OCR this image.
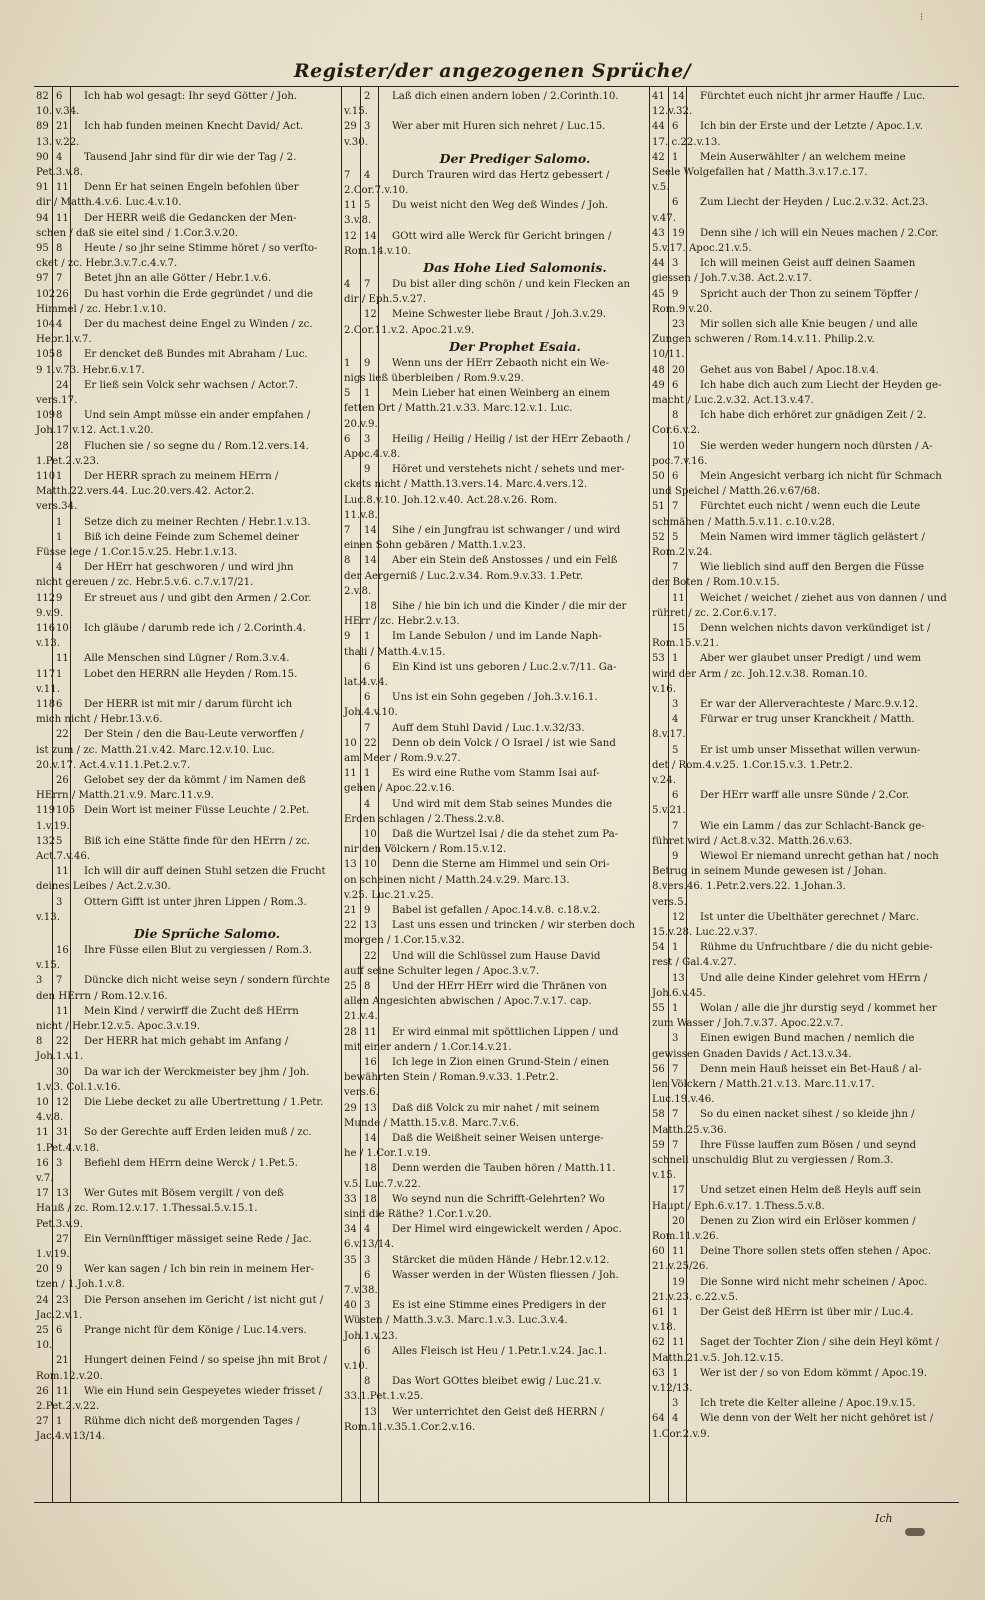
⁝
Register/der angezogenen Sprüche/
82 6 Ich hab wol gesagt: Ihr seyd Götter / Joh.
10. v.34.
89 21 Ich hab funden meinen Knecht David/ Act.
13. v.22.
90 4 Tausend Jahr sind für dir wie der Tag / 2.
Pet.3.v.8.
91 11 Denn Er hat seinen Engeln befohlen über
dir / Matth.4.v.6. Luc.4.v.10.
94 11 Der HERR weiß die Gedancken der Men-
schen / daß sie eitel sind / 1.Cor.3.v.20.
95 8 Heute / so jhr seine Stimme höret / so verſto-
cket / zc. Hebr.3.v.7.c.4.v.7.
97 7 Betet jhn an alle Götter / Hebr.1.v.6.
102 26 Du hast vorhin die Erde gegründet / und die
Himmel / zc. Hebr.1.v.10.
104 4 Der du machest deine Engel zu Winden / zc.
Hebr.1.v.7.
105 8 Er dencket deß Bundes mit Abraham / Luc.
9 1.v.73. Hebr.6.v.17.
24 Er ließ sein Volck sehr wachsen / Actor.7.
vers.17.
109 8 Und sein Ampt müsse ein ander empfahen /
Joh.17.v.12. Act.1.v.20.
28 Fluchen sie / so segne du / Rom.12.vers.14.
1.Pet.2.v.23.
110 1 Der HERR sprach zu meinem HErrn /
Matth.22.vers.44. Luc.20.vers.42. Actor.2.
vers.34.
1 Setze dich zu meiner Rechten / Hebr.1.v.13.
1 Biß ich deine Feinde zum Schemel deiner
Füsse lege / 1.Cor.15.v.25. Hebr.1.v.13.
4 Der HErr hat geschworen / und wird jhn
nicht gereuen / zc. Hebr.5.v.6. c.7.v.17/21.
112 9 Er streuet aus / und gibt den Armen / 2.Cor.
9.v.9.
116 10 Ich gläube / darumb rede ich / 2.Corinth.4.
v.13.
11 Alle Menschen sind Lügner / Rom.3.v.4.
117 1 Lobet den HERRN alle Heyden / Rom.15.
v.11.
118 6 Der HERR ist mit mir / darum fürcht ich
mich nicht / Hebr.13.v.6.
22 Der Stein / den die Bau-Leute verworffen /
ist zum / zc. Matth.21.v.42. Marc.12.v.10. Luc.
20.v.17. Act.4.v.11.1.Pet.2.v.7.
26 Gelobet sey der da kömmt / im Namen deß
HErrn / Matth.21.v.9. Marc.11.v.9.
119 105 Dein Wort ist meiner Füsse Leuchte / 2.Pet.
1.v.19.
132 5 Biß ich eine Stätte finde für den HErrn / zc.
Act.7.v.46.
11 Ich will dir auff deinen Stuhl setzen die Frucht
deines Leibes / Act.2.v.30.
3 Ottern Gifft ist unter jhren Lippen / Rom.3.
v.13.
Die Sprüche Salomo.
16 Ihre Füsse eilen Blut zu vergiessen / Rom.3.
v.15.
3 7 Düncke dich nicht weise seyn / sondern fürchte
den HErrn / Rom.12.v.16.
11 Mein Kind / verwirff die Zucht deß HErrn
nicht / Hebr.12.v.5. Apoc.3.v.19.
8 22 Der HERR hat mich gehabt im Anfang /
Joh.1.v.1.
30 Da war ich der Werckmeister bey jhm / Joh.
1.v.3. Col.1.v.16.
10 12 Die Liebe decket zu alle Ubertrettung / 1.Petr.
4.v.8.
11 31 So der Gerechte auff Erden leiden muß / zc.
1.Pet.4.v.18.
16 3 Befiehl dem HErrn deine Werck / 1.Pet.5.
v.7.
17 13 Wer Gutes mit Bösem vergilt / von deß
Hauß / zc. Rom.12.v.17. 1.Thessal.5.v.15.1.
Pet.3.v.9.
27 Ein Vernünfftiger mässiget seine Rede / Jac.
1.v.19.
20 9 Wer kan sagen / Ich bin rein in meinem Her-
tzen / 1.Joh.1.v.8.
24 23 Die Person ansehen im Gericht / ist nicht gut /
Jac.2.v.1.
25 6 Prange nicht für dem Könige / Luc.14.vers.
10.
21 Hungert deinen Feind / so speise jhn mit Brot /
Rom.12.v.20.
26 11 Wie ein Hund sein Gespeyetes wieder frisset /
2.Pet.2.v.22.
27 1 Rühme dich nicht deß morgenden Tages /
Jac.4.v.13/14.
2 Laß dich einen andern loben / 2.Corinth.10.
v.15.
29 3 Wer aber mit Huren sich nehret / Luc.15.
v.30.
Der Prediger Salomo.
7 4 Durch Trauren wird das Hertz gebessert /
2.Cor.7.v.10.
11 5 Du weist nicht den Weg deß Windes / Joh.
3.v.8.
12 14 GOtt wird alle Werck für Gericht bringen /
Rom.14.v.10.
Das Hohe Lied Salomonis.
4 7 Du bist aller ding schön / und kein Flecken an
dir / Eph.5.v.27.
12 Meine Schwester liebe Braut / Joh.3.v.29.
2.Cor.11.v.2. Apoc.21.v.9.
Der Prophet Esaia.
1 9 Wenn uns der HErr Zebaoth nicht ein We-
nigs ließ überbleiben / Rom.9.v.29.
5 1 Mein Lieber hat einen Weinberg an einem
fetten Ort / Matth.21.v.33. Marc.12.v.1. Luc.
20.v.9.
6 3 Heilig / Heilig / Heilig / ist der HErr Zebaoth /
Apoc.4.v.8.
9 Höret und verstehets nicht / sehets und mer-
ckets nicht / Matth.13.vers.14. Marc.4.vers.12.
Luc.8.v.10. Joh.12.v.40. Act.28.v.26. Rom.
11.v.8.
7 14 Sihe / ein Jungfrau ist schwanger / und wird
einen Sohn gebären / Matth.1.v.23.
8 14 Aber ein Stein deß Anstosses / und ein Felß
der Aergerniß / Luc.2.v.34. Rom.9.v.33. 1.Petr.
2.v.8.
18 Sihe / hie bin ich und die Kinder / die mir der
HErr / zc. Hebr.2.v.13.
9 1 Im Lande Sebulon / und im Lande Naph-
thali / Matth.4.v.15.
6 Ein Kind ist uns geboren / Luc.2.v.7/11. Ga-
lat.4.v.4.
6 Uns ist ein Sohn gegeben / Joh.3.v.16.1.
Joh.4.v.10.
7 Auff dem Stuhl David / Luc.1.v.32/33.
10 22 Denn ob dein Volck / O Israel / ist wie Sand
am Meer / Rom.9.v.27.
11 1 Es wird eine Ruthe vom Stamm Isai auf-
gehen / Apoc.22.v.16.
4 Und wird mit dem Stab seines Mundes die
Erden schlagen / 2.Thess.2.v.8.
10 Daß die Wurtzel Isai / die da stehet zum Pa-
nir den Völckern / Rom.15.v.12.
13 10 Denn die Sterne am Himmel und sein Ori-
on scheinen nicht / Matth.24.v.29. Marc.13.
v.25. Luc.21.v.25.
21 9 Babel ist gefallen / Apoc.14.v.8. c.18.v.2.
22 13 Last uns essen und trincken / wir sterben doch
morgen / 1.Cor.15.v.32.
22 Und will die Schlüssel zum Hause David
auff seine Schulter legen / Apoc.3.v.7.
25 8 Und der HErr HErr wird die Thränen von
allen Angesichten abwischen / Apoc.7.v.17. cap.
21.v.4.
28 11 Er wird einmal mit spöttlichen Lippen / und
mit einer andern / 1.Cor.14.v.21.
16 Ich lege in Zion einen Grund-Stein / einen
bewährten Stein / Roman.9.v.33. 1.Petr.2.
vers.6.
29 13 Daß diß Volck zu mir nahet / mit seinem
Munde / Matth.15.v.8. Marc.7.v.6.
14 Daß die Weißheit seiner Weisen unterge-
he / 1.Cor.1.v.19.
18 Denn werden die Tauben hören / Matth.11.
v.5. Luc.7.v.22.
33 18 Wo seynd nun die Schrifft-Gelehrten? Wo
sind die Räthe? 1.Cor.1.v.20.
34 4 Der Himel wird eingewickelt werden / Apoc.
6.v.13/14.
35 3 Stärcket die müden Hände / Hebr.12.v.12.
6 Wasser werden in der Wüsten fliessen / Joh.
7.v.38.
40 3 Es ist eine Stimme eines Predigers in der
Wüsten / Matth.3.v.3. Marc.1.v.3. Luc.3.v.4.
Joh.1.v.23.
6 Alles Fleisch ist Heu / 1.Petr.1.v.24. Jac.1.
v.10.
8 Das Wort GOttes bleibet ewig / Luc.21.v.
33.1.Pet.1.v.25.
13 Wer unterrichtet den Geist deß HERRN /
Rom.11.v.35.1.Cor.2.v.16.
41 14 Fürchtet euch nicht jhr armer Hauffe / Luc.
12.v.32.
44 6 Ich bin der Erste und der Letzte / Apoc.1.v.
17. c.22.v.13.
42 1 Mein Auserwählter / an welchem meine
Seele Wolgefallen hat / Matth.3.v.17.c.17.
v.5.
6 Zum Liecht der Heyden / Luc.2.v.32. Act.23.
v.47.
43 19 Denn sihe / ich will ein Neues machen / 2.Cor.
5.v.17. Apoc.21.v.5.
44 3 Ich will meinen Geist auff deinen Saamen
giessen / Joh.7.v.38. Act.2.v.17.
45 9 Spricht auch der Thon zu seinem Töpffer /
Rom.9.v.20.
23 Mir sollen sich alle Knie beugen / und alle
Zungen schweren / Rom.14.v.11. Philip.2.v.
10/11.
48 20 Gehet aus von Babel / Apoc.18.v.4.
49 6 Ich habe dich auch zum Liecht der Heyden ge-
macht / Luc.2.v.32. Act.13.v.47.
8 Ich habe dich erhöret zur gnädigen Zeit / 2.
Cor.6.v.2.
10 Sie werden weder hungern noch dürsten / A-
poc.7.v.16.
50 6 Mein Angesicht verbarg ich nicht für Schmach
und Speichel / Matth.26.v.67/68.
51 7 Fürchtet euch nicht / wenn euch die Leute
schmähen / Matth.5.v.11. c.10.v.28.
52 5 Mein Namen wird immer täglich gelästert /
Rom.2.v.24.
7 Wie lieblich sind auff den Bergen die Füsse
der Boten / Rom.10.v.15.
11 Weichet / weichet / ziehet aus von dannen / und
rühret / zc. 2.Cor.6.v.17.
15 Denn welchen nichts davon verkündiget ist /
Rom.15.v.21.
53 1 Aber wer glaubet unser Predigt / und wem
wird der Arm / zc. Joh.12.v.38. Roman.10.
v.16.
3 Er war der Allerverachteste / Marc.9.v.12.
4 Fürwar er trug unser Kranckheit / Matth.
8.v.17.
5 Er ist umb unser Missethat willen verwun-
det / Rom.4.v.25. 1.Cor.15.v.3. 1.Petr.2.
v.24.
6 Der HErr warff alle unsre Sünde / 2.Cor.
5.v.21.
7 Wie ein Lamm / das zur Schlacht-Banck ge-
führet wird / Act.8.v.32. Matth.26.v.63.
9 Wiewol Er niemand unrecht gethan hat / noch
Betrug in seinem Munde gewesen ist / Johan.
8.vers.46. 1.Petr.2.vers.22. 1.Johan.3.
vers.5.
12 Ist unter die Ubelthäter gerechnet / Marc.
15.v.28. Luc.22.v.37.
54 1 Rühme du Unfruchtbare / die du nicht gebie-
rest / Gal.4.v.27.
13 Und alle deine Kinder gelehret vom HErrn /
Joh.6.v.45.
55 1 Wolan / alle die jhr durstig seyd / kommet her
zum Wasser / Joh.7.v.37. Apoc.22.v.7.
3 Einen ewigen Bund machen / nemlich die
gewissen Gnaden Davids / Act.13.v.34.
56 7 Denn mein Hauß heisset ein Bet-Hauß / al-
len Völckern / Matth.21.v.13. Marc.11.v.17.
Luc.19.v.46.
58 7 So du einen nacket sihest / so kleide jhn /
Matth.25.v.36.
59 7 Ihre Füsse lauffen zum Bösen / und seynd
schnell unschuldig Blut zu vergiessen / Rom.3.
v.15.
17 Und setzet einen Helm deß Heyls auff sein
Haupt / Eph.6.v.17. 1.Thess.5.v.8.
20 Denen zu Zion wird ein Erlöser kommen /
Rom.11.v.26.
60 11 Deine Thore sollen stets offen stehen / Apoc.
21.v.25/26.
19 Die Sonne wird nicht mehr scheinen / Apoc.
21.v.23. c.22.v.5.
61 1 Der Geist deß HErrn ist über mir / Luc.4.
v.18.
62 11 Saget der Tochter Zion / sihe dein Heyl kömt /
Matth.21.v.5. Joh.12.v.15.
63 1 Wer ist der / so von Edom kömmt / Apoc.19.
v.12/13.
3 Ich trete die Kelter alleine / Apoc.19.v.15.
64 4 Wie denn von der Welt her nicht gehöret ist /
1.Cor.2.v.9.
Ich
